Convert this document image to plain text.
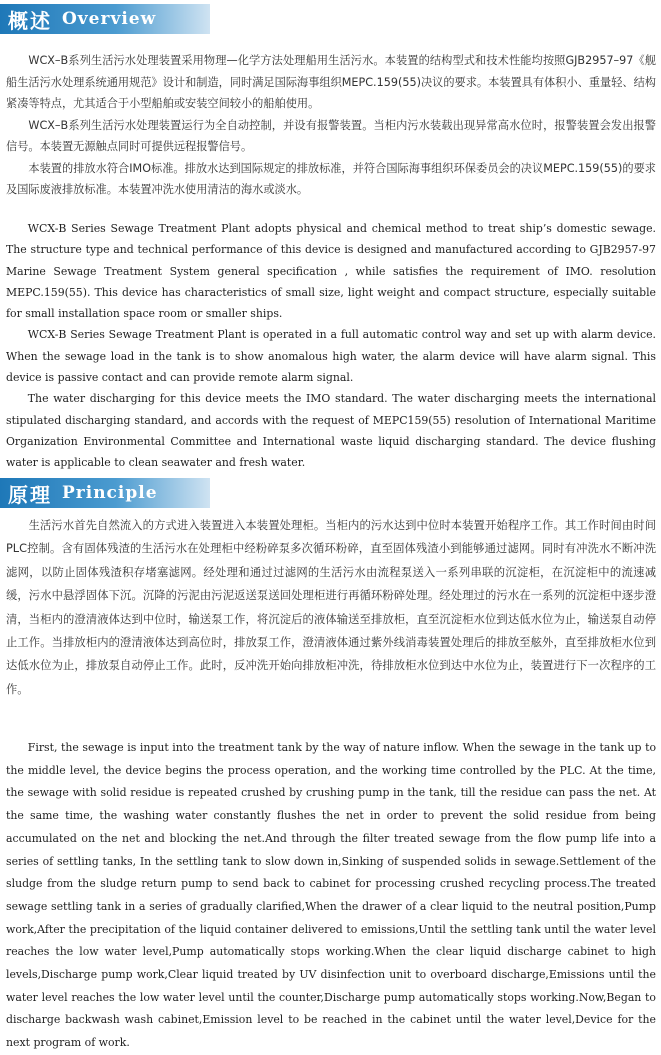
概述 Overview

WCX–B系列生活污水处理装置采用物理—化学方法处理船用生活污水。本装置的结构型式和技术性能均按照GJB2957–97《舰船生活污水处理系统通用规范》设计和制造，同时满足国际海事组织MEPC.159(55)决议的要求。本装置具有体积小、重量轻、结构紧凑等特点，尤其适合于小型船舶或安装空间较小的船舶使用。

WCX–B系列生活污水处理装置运行为全自动控制，并设有报警装置。当柜内污水装载出现异常高水位时，报警装置会发出报警信号。本装置无源触点同时可提供远程报警信号。

本装置的排放水符合IMO标准。排放水达到国际规定的排放标准，并符合国际海事组织环保委员会的决议MEPC.159(55)的要求及国际废液排放标准。本装置冲洗水使用清洁的海水或淡水。

WCX-B Series Sewage Treatment Plant adopts physical and chemical method to treat ship’s domestic sewage. The structure type and technical performance of this device is designed and manufactured according to GJB2957-97 Marine Sewage Treatment System general specification , while satisfies the requirement of IMO. resolution MEPC.159(55). This device has characteristics of small size, light weight and compact structure, especially suitable for small installation space room or smaller ships.

WCX-B Series Sewage Treatment Plant is operated in a full automatic control way and set up with alarm device. When the sewage load in the tank is to show anomalous high water, the alarm device will have alarm signal. This device is passive contact and can provide remote alarm signal.

The water discharging for this device meets the IMO standard. The water discharging meets the international stipulated discharging standard, and accords with the request of MEPC159(55) resolution of International Maritime Organization Environmental Committee and International waste liquid discharging standard. The device flushing water is applicable to clean seawater and fresh water.

原理 Principle

生活污水首先自然流入的方式进入装置进入本装置处理柜。当柜内的污水达到中位时本装置开始程序工作。其工作时间由时间PLC控制。含有固体残渣的生活污水在处理柜中经粉碎泵多次循环粉碎，直至固体残渣小到能够通过滤网。同时有冲洗水不断冲洗滤网，以防止固体残渣积存堵塞滤网。经处理和通过过滤网的生活污水由流程泵送入一系列串联的沉淀柜，在沉淀柜中的流速减缓，污水中悬浮固体下沉。沉降的污泥由污泥返送泵送回处理柜进行再循环粉碎处理。经处理过的污水在一系列的沉淀柜中逐步澄清，当柜内的澄清液体达到中位时，输送泵工作，将沉淀后的液体输送至排放柜，直至沉淀柜水位到达低水位为止，输送泵自动停止工作。当排放柜内的澄清液体达到高位时，排放泵工作，澄清液体通过紫外线消毒装置处理后的排放至舷外，直至排放柜水位到达低水位为止，排放泵自动停止工作。此时，反冲洗开始向排放柜冲洗，待排放柜水位到达中水位为止，装置进行下一次程序的工作。

First, the sewage is input into the treatment tank by the way of nature inflow. When the sewage in the tank up to the middle level, the device begins the process operation, and the working time controlled by the PLC. At the time, the sewage with solid residue is repeated crushed by crushing pump in the tank, till the residue can pass the net. At the same time, the washing water constantly flushes the net in order to prevent the solid residue from being accumulated on the net and blocking the net.And through the filter treated sewage from the flow pump life into a series of settling tanks, In the settling tank to slow down in,Sinking of suspended solids in sewage.Settlement of the sludge from the sludge return pump to send back to cabinet for processing crushed recycling process.The treated sewage settling tank in a series of gradually clarified,When the drawer of a clear liquid to the neutral position,Pump work,After the precipitation of the liquid container delivered to emissions,Until the settling tank until the water level reaches the low water level,Pump automatically stops working.When the clear liquid discharge cabinet to high levels,Discharge pump work,Clear liquid treated by UV disinfection unit to overboard discharge,Emissions until the water level reaches the low water level until the counter,Discharge pump automatically stops working.Now,Began to discharge backwash wash cabinet,Emission level to be reached in the cabinet until the water level,Device for the next program of work.
